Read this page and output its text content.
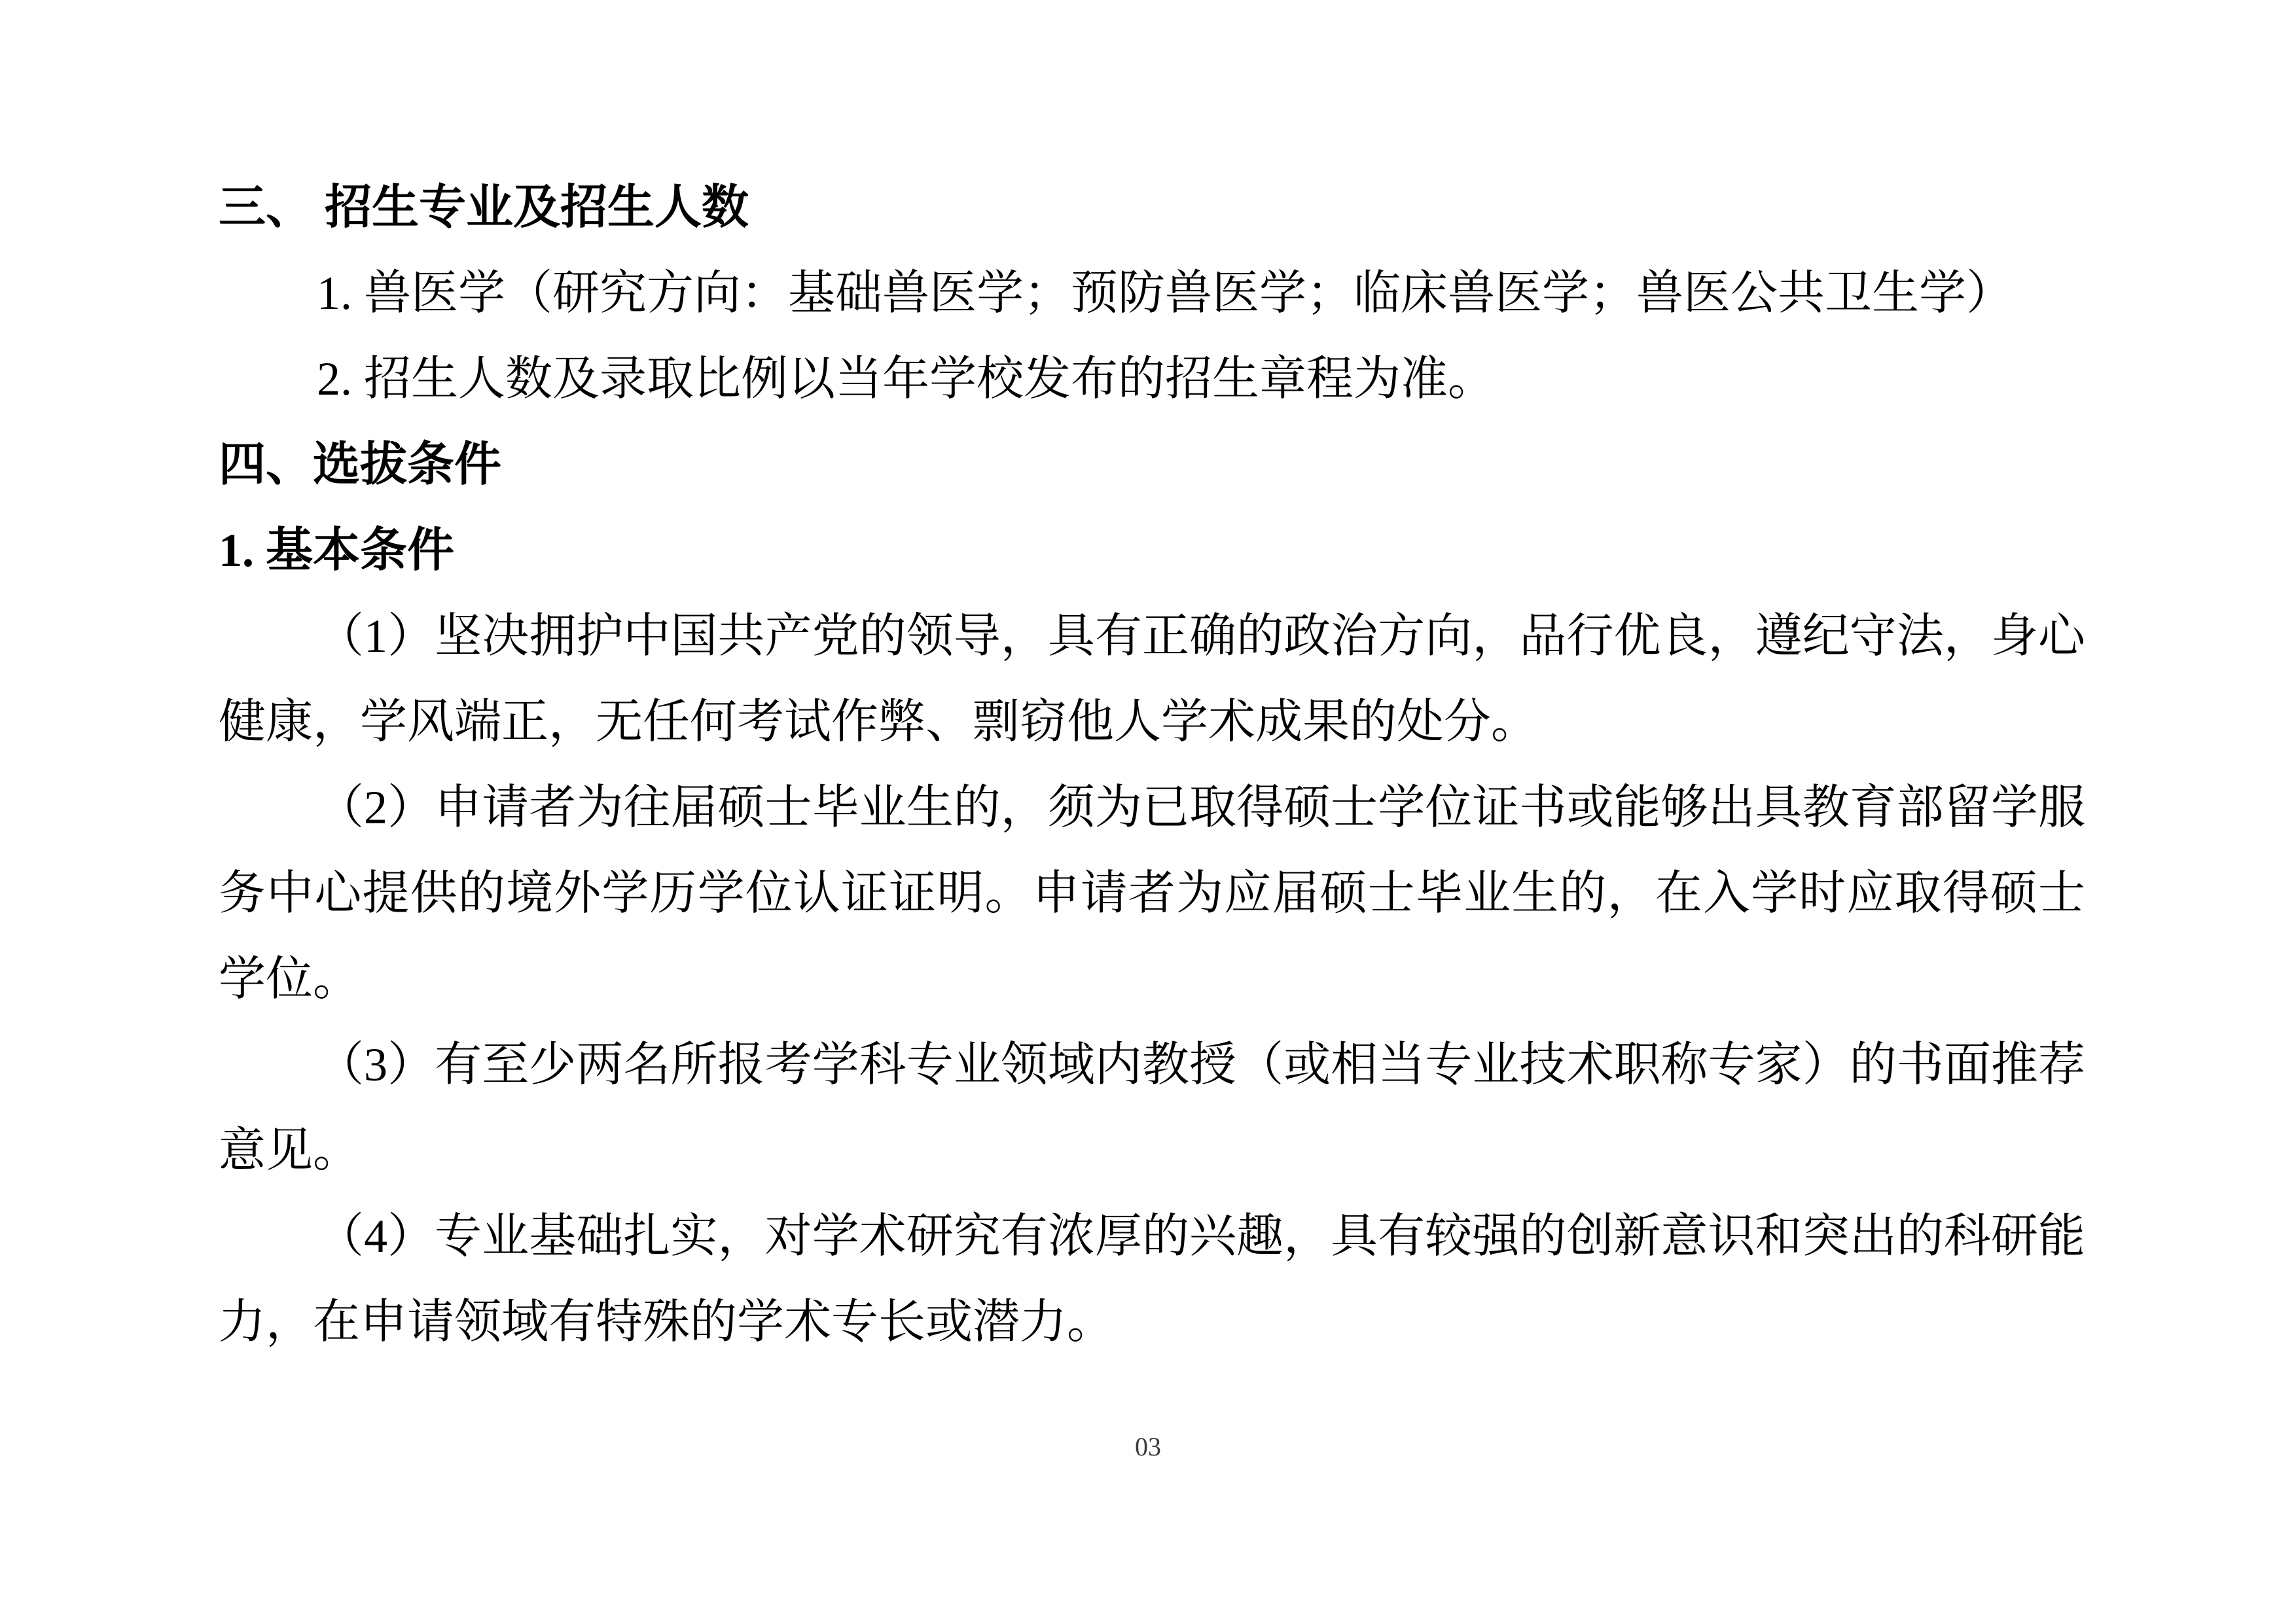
三、 招生专业及招生人数

1. 兽医学（研究方向：基础兽医学；预防兽医学；临床兽医学；兽医公共卫生学）

2. 招生人数及录取比例以当年学校发布的招生章程为准。

四、选拔条件
1. 基本条件

（1）坚决拥护中国共产党的领导，具有正确的政治方向，品行优良，遵纪守法，身心健康，学风端正，无任何考试作弊、剽窃他人学术成果的处分。

（2）申请者为往届硕士毕业生的，须为已取得硕士学位证书或能够出具教育部留学服务中心提供的境外学历学位认证证明。申请者为应届硕士毕业生的，在入学时应取得硕士学位。

（3）有至少两名所报考学科专业领域内教授（或相当专业技术职称专家）的书面推荐意见。

（4）专业基础扎实，对学术研究有浓厚的兴趣，具有较强的创新意识和突出的科研能力，在申请领域有特殊的学术专长或潜力。

03
